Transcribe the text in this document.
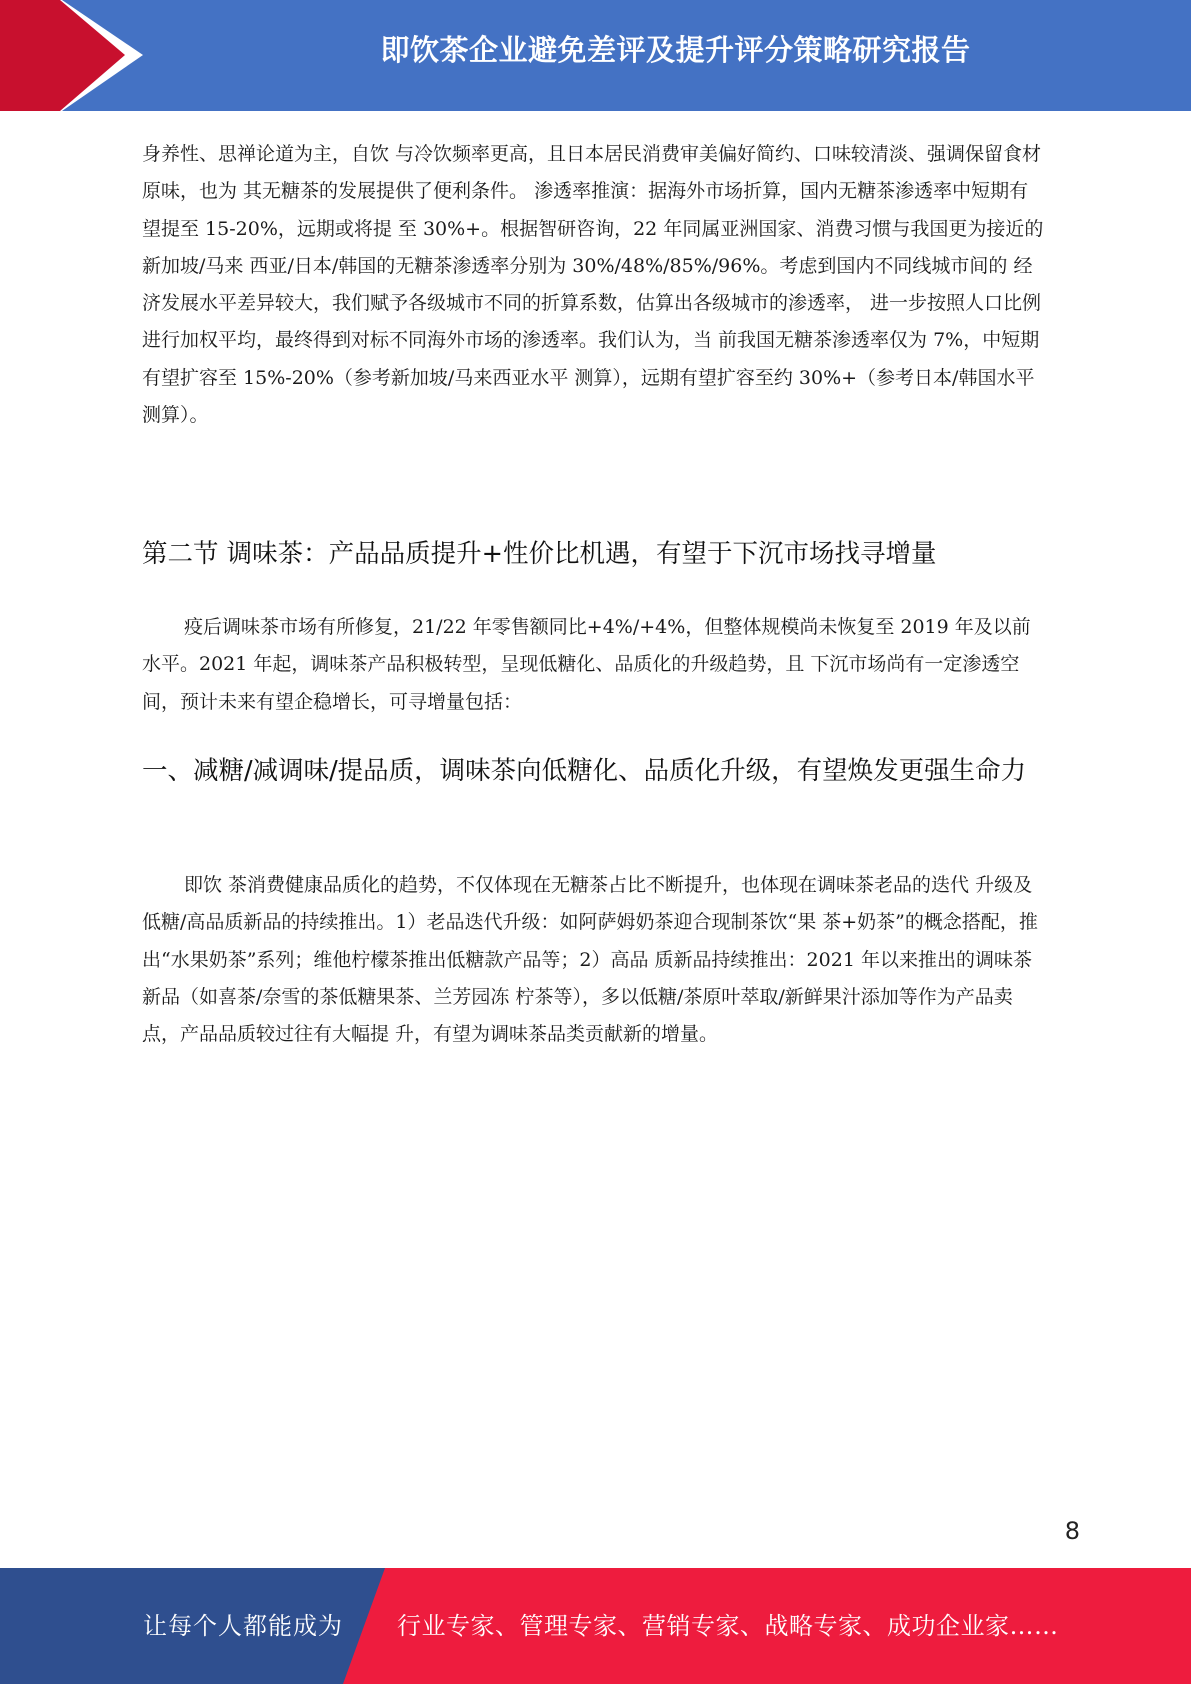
即饮茶企业避免差评及提升评分策略研究报告

身养性、思禅论道为主，自饮 与冷饮频率更高，且日本居民消费审美偏好简约、口味较清淡、强调保留食材原味，也为 其无糖茶的发展提供了便利条件。 渗透率推演：据海外市场折算，国内无糖茶渗透率中短期有望提至 15-20%，远期或将提 至 30%+。根据智研咨询，22 年同属亚洲国家、消费习惯与我国更为接近的新加坡/马来 西亚/日本/韩国的无糖茶渗透率分别为 30%/48%/85%/96%。考虑到国内不同线城市间的 经济发展水平差异较大，我们赋予各级城市不同的折算系数，估算出各级城市的渗透率， 进一步按照人口比例进行加权平均，最终得到对标不同海外市场的渗透率。我们认为，当 前我国无糖茶渗透率仅为 7%，中短期有望扩容至 15%-20%（参考新加坡/马来西亚水平 测算），远期有望扩容至约 30%+（参考日本/韩国水平测算）。

第二节 调味茶：产品品质提升+性价比机遇，有望于下沉市场找寻增量

疫后调味茶市场有所修复，21/22 年零售额同比+4%/+4%，但整体规模尚未恢复至 2019 年及以前水平。2021 年起，调味茶产品积极转型，呈现低糖化、品质化的升级趋势，且 下沉市场尚有一定渗透空间，预计未来有望企稳增长，可寻增量包括：

一、减糖/减调味/提品质，调味茶向低糖化、品质化升级，有望焕发更强生命力

即饮 茶消费健康品质化的趋势，不仅体现在无糖茶占比不断提升，也体现在调味茶老品的迭代 升级及低糖/高品质新品的持续推出。1）老品迭代升级：如阿萨姆奶茶迎合现制茶饮“果 茶+奶茶”的概念搭配，推出“水果奶茶”系列；维他柠檬茶推出低糖款产品等；2）高品 质新品持续推出：2021 年以来推出的调味茶新品（如喜茶/奈雪的茶低糖果茶、兰芳园冻 柠茶等），多以低糖/茶原叶萃取/新鲜果汁添加等作为产品卖点，产品品质较过往有大幅提 升，有望为调味茶品类贡献新的增量。

8
让每个人都能成为 行业专家、管理专家、营销专家、战略专家、成功企业家……
